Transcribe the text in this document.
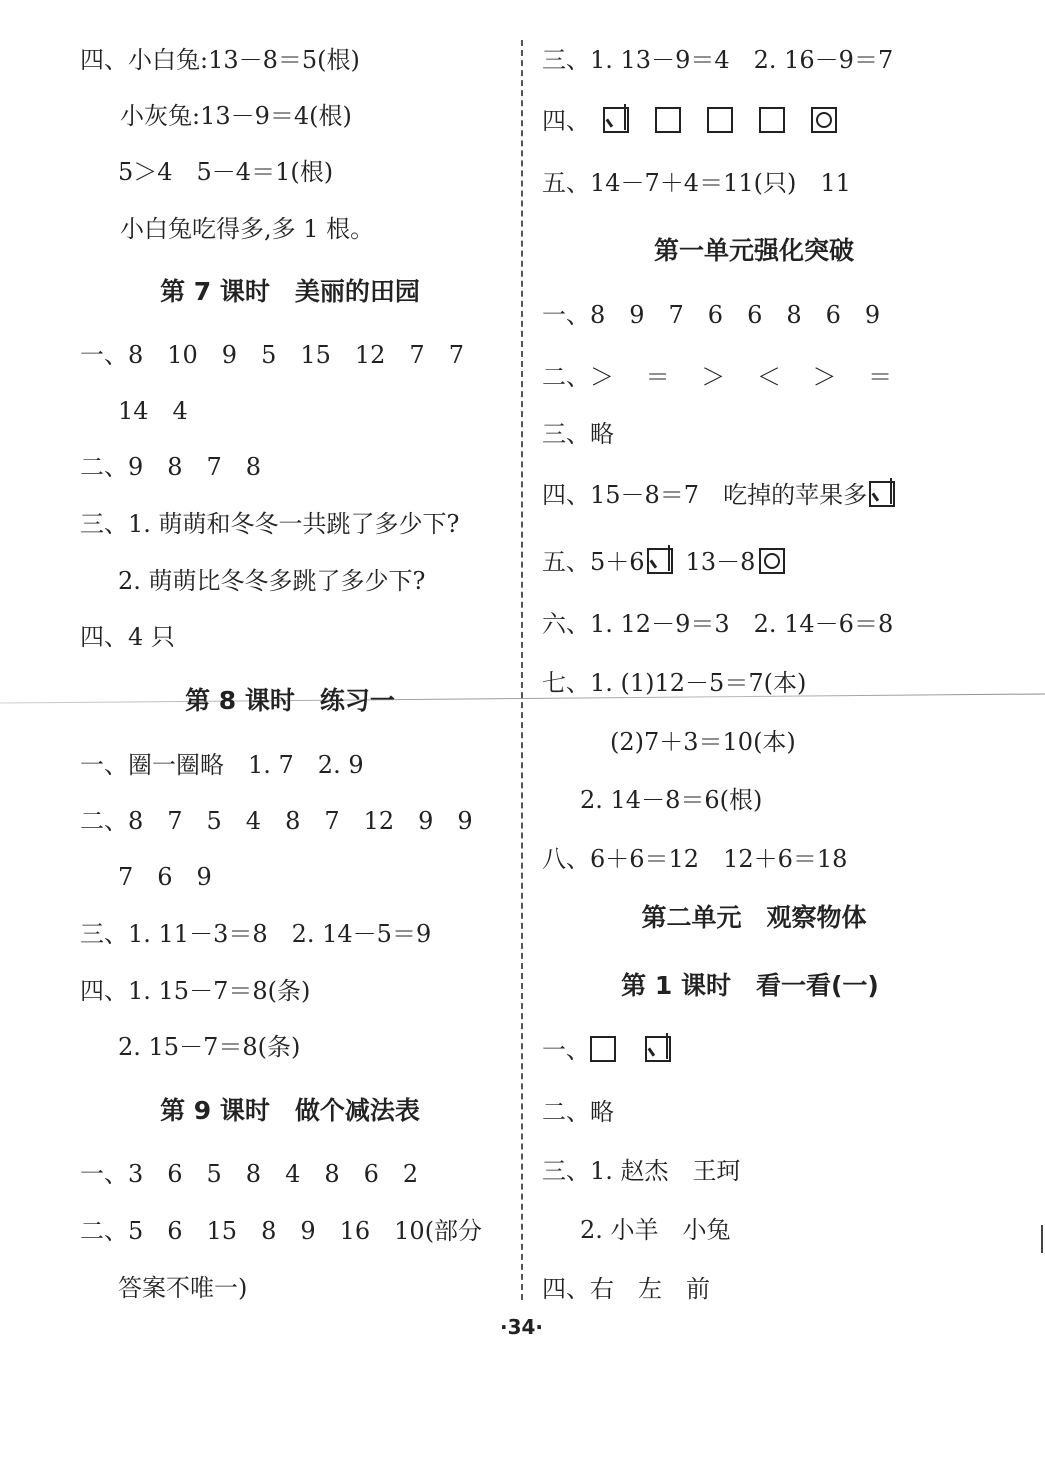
四、小白兔:13－8＝5(根)
小灰兔:13－9＝4(根)
5＞4　5－4＝1(根)
小白兔吃得多,多 1 根。
第 7 课时　美丽的田园
一、8　10　9　5　15　12　7　7
14　4
二、9　8　7　8
三、1. 萌萌和冬冬一共跳了多少下?
2. 萌萌比冬冬多跳了多少下?
四、4 只
第 8 课时　练习一
一、圈一圈略　1. 7　2. 9
二、8　7　5　4　8　7　12　9　9
7　6　9
三、1. 11－3＝8　2. 14－5＝9
四、1. 15－7＝8(条)
2. 15－7＝8(条)
第 9 课时　做个减法表
一、3　6　5　8　4　8　6　2
二、5　6　15　8　9　16　10(部分
答案不唯一)
三、1. 13－9＝4　2. 16－9＝7
四、
五、14－7＋4＝11(只)　11
第一单元强化突破
一、8　9　7　6　6　8　6　9
二、＞　 ＝　 ＞　 ＜　 ＞　 ＝
三、略
四、15－8＝7　吃掉的苹果多
五、5＋6 13－8
六、1. 12－9＝3　2. 14－6＝8
七、1. (1)12－5＝7(本)
(2)7＋3＝10(本)
2. 14－8＝6(根)
八、6＋6＝12　12＋6＝18
第二单元　观察物体
第 1 课时　看一看(一)
一、
二、略
三、1. 赵杰　王珂
2. 小羊　小兔
四、右　左　前
·34·
